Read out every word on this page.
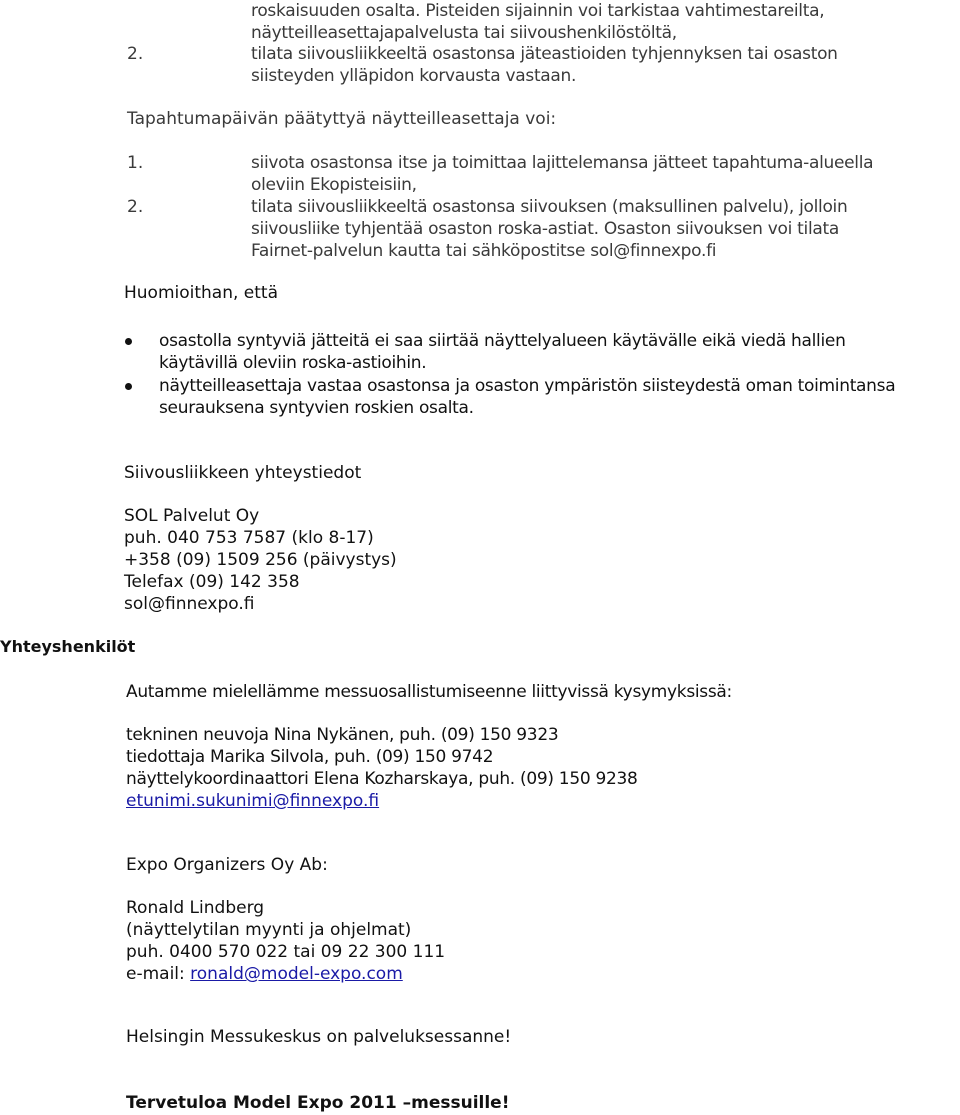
roskaisuuden osalta. Pisteiden sijainnin voi tarkistaa vahtimestareilta,
näytteilleasettajapalvelusta tai siivoushenkilöstöltä,
2.	tilata siivousliikkeeltä osastonsa jäteastioiden tyhjennyksen tai osaston
siisteyden ylläpidon korvausta vastaan.
Tapahtumapäivän päätyttyä näytteilleasettaja voi:
1.	siivota osastonsa itse ja toimittaa lajittelemansa jätteet tapahtuma-alueella
oleviin Ekopisteisiin,
2.	tilata siivousliikkeeltä osastonsa siivouksen (maksullinen palvelu), jolloin
siivousliike tyhjentää osaston roska-astiat. Osaston siivouksen voi tilata
Fairnet-palvelun kautta tai sähköpostitse sol@finnexpo.fi
Huomioithan, että
osastolla syntyviä jätteitä ei saa siirtää näyttelyalueen käytävälle eikä viedä hallien
käytävillä oleviin roska-astioihin.
näytteilleasettaja vastaa osastonsa ja osaston ympäristön siisteydestä oman toimintansa
seurauksena syntyvien roskien osalta.
Yhteyshenkilöt
Siivousliikkeen yhteystiedot
SOL Palvelut Oy
puh. 040 753 7587 (klo 8-17)
+358 (09) 1509 256 (päivystys)
Telefax (09) 142 358
sol@finnexpo.fi
Autamme mielellämme messuosallistumiseenne liittyvissä kysymyksissä:
tekninen neuvoja Nina Nykänen, puh. (09) 150 9323
tiedottaja Marika Silvola, puh. (09) 150 9742
näyttelykoordinaattori Elena Kozharskaya, puh. (09) 150 9238
etunimi.sukunimi@finnexpo.fi
Expo Organizers Oy Ab:
Ronald Lindberg
(näyttelytilan myynti ja ohjelmat)
puh. 0400 570 022 tai 09 22 300 111
e-mail: ronald@model-expo.com
Helsingin Messukeskus on palveluksessanne!
Tervetuloa Model Expo 2011 –messuille!
